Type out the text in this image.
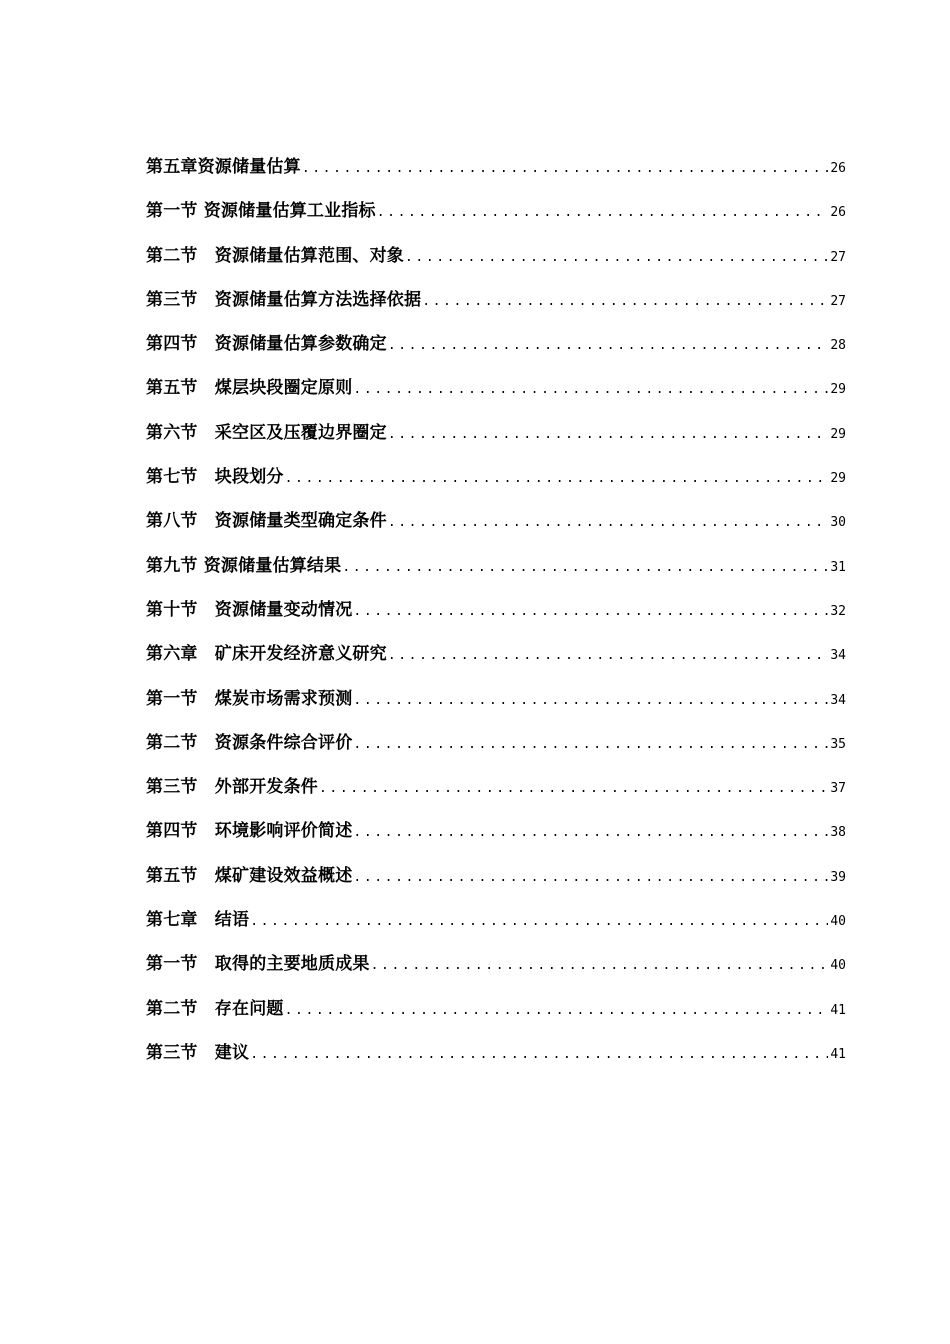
第五章资源储量估算 .....	26
第一节 资源储量估算工业指标 .....	26
第二节　资源储量估算范围、对象 .....	27
第三节　资源储量估算方法选择依据 .....	27
第四节　资源储量估算参数确定 .....	28
第五节　煤层块段圈定原则 .....	29
第六节　采空区及压覆边界圈定 .....	29
第七节　块段划分 .....	29
第八节　资源储量类型确定条件 .....	30
第九节 资源储量估算结果 .....	31
第十节　资源储量变动情况 .....	32
第六章　矿床开发经济意义研究 .....	34
第一节　煤炭市场需求预测 .....	34
第二节　资源条件综合评价 .....	35
第三节　外部开发条件 .....	37
第四节　环境影响评价简述 .....	38
第五节　煤矿建设效益概述 .....	39
第七章　结语 .....	40
第一节　取得的主要地质成果 .....	40
第二节　存在问题 .....	41
第三节　建议 .....	41
